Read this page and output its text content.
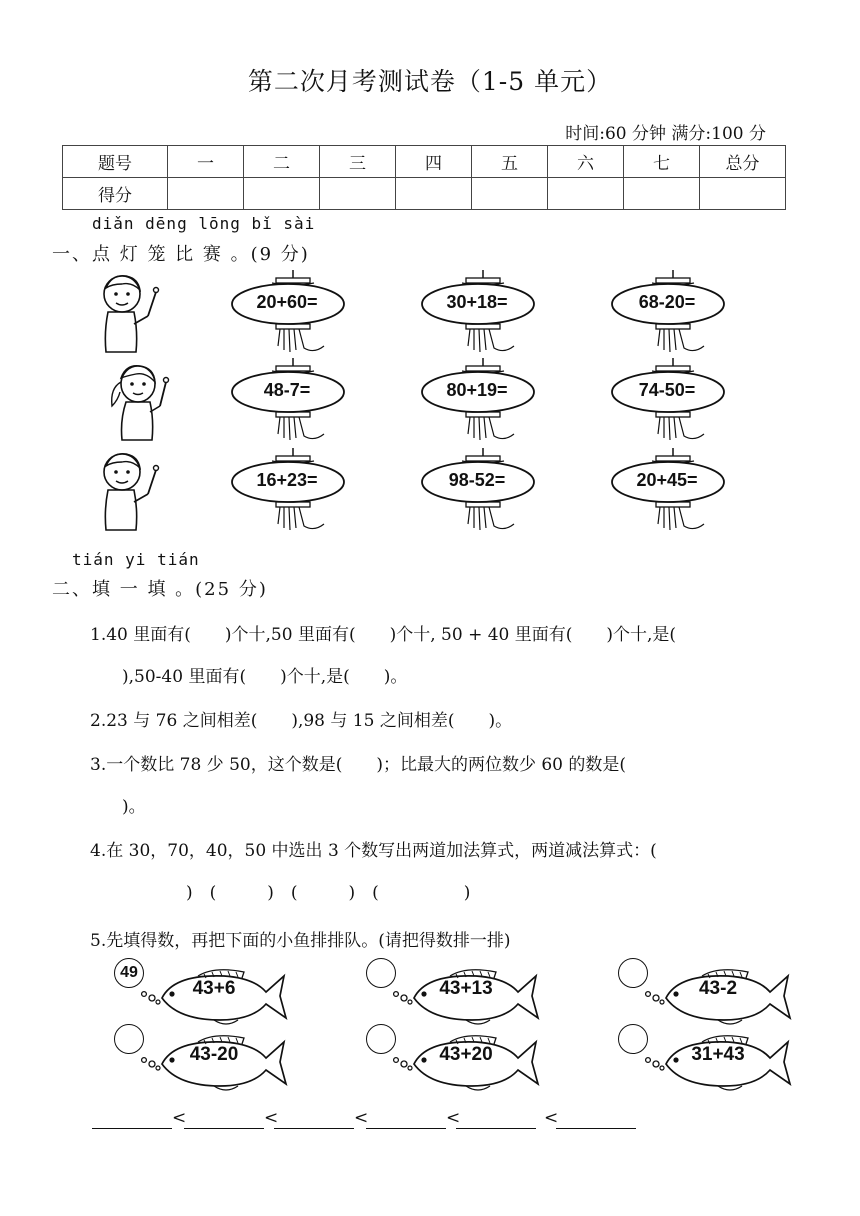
第二次月考测试卷（1-5 单元）
时间:60 分钟 满分:100 分
题号	一	二	三	四	五	六	七	总分
得分								
diǎn dēng lōng bǐ sài
一、点 灯 笼 比 赛 。(9 分)
20+60=	30+18=	68-20=
48-7=	80+19=	74-50=
16+23=	98-52=	20+45=
tián yi tián
二、填 一 填 。(25 分)
1.40 里面有(　　)个十,50 里面有(　　)个十, 50 + 40 里面有(　　)个十,是(
),50-40 里面有(　　)个十,是(　　)。
2.23 与 76 之间相差(　　),98 与 15 之间相差(　　)。
3.一个数比 78 少 50，这个数是(　　)；比最大的两位数少 60 的数是(
)。
4.在 30，70，40，50 中选出 3 个数写出两道加法算式，两道减法算式：(
)　(　　　)　(　　　)　(　　　　　)
5.先填得数，再把下面的小鱼排排队。(请把得数排一排)
49
43+6	43+13	43-2
43-20	43+20	31+43
<	<	<	<	<
